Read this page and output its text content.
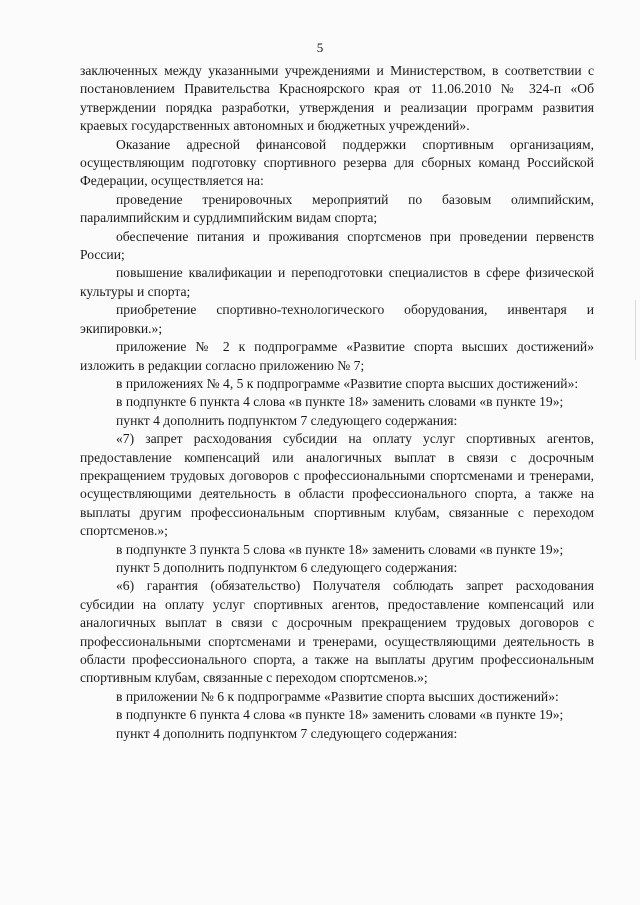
5

заключенных между указанными учреждениями и Министерством, в соответствии с постановлением Правительства Красноярского края от 11.06.2010 № 324-п «Об утверждении порядка разработки, утверждения и реализации программ развития краевых государственных автономных и бюджетных учреждений».

Оказание адресной финансовой поддержки спортивным организациям, осуществляющим подготовку спортивного резерва для сборных команд Российской Федерации, осуществляется на:

проведение тренировочных мероприятий по базовым олимпийским, паралимпийским и сурдлимпийским видам спорта;

обеспечение питания и проживания спортсменов при проведении первенств России;

повышение квалификации и переподготовки специалистов в сфере физической культуры и спорта;

приобретение спортивно-технологического оборудования, инвентаря и экипировки.»;

приложение № 2 к подпрограмме «Развитие спорта высших достижений» изложить в редакции согласно приложению № 7;

в приложениях № 4, 5 к подпрограмме «Развитие спорта высших достижений»:

в подпункте 6 пункта 4 слова «в пункте 18» заменить словами «в пункте 19»;

пункт 4 дополнить подпунктом 7 следующего содержания:

«7) запрет расходования субсидии на оплату услуг спортивных агентов, предоставление компенсаций или аналогичных выплат в связи с досрочным прекращением трудовых договоров с профессиональными спортсменами и тренерами, осуществляющими деятельность в области профессионального спорта, а также на выплаты другим профессиональным спортивным клубам, связанные с переходом спортсменов.»;

в подпункте 3 пункта 5 слова «в пункте 18» заменить словами «в пункте 19»;

пункт 5 дополнить подпунктом 6 следующего содержания:

«6) гарантия (обязательство) Получателя соблюдать запрет расходования субсидии на оплату услуг спортивных агентов, предоставление компенсаций или аналогичных выплат в связи с досрочным прекращением трудовых договоров с профессиональными спортсменами и тренерами, осуществляющими деятельность в области профессионального спорта, а также на выплаты другим профессиональным спортивным клубам, связанные с переходом спортсменов.»;

в приложении № 6 к подпрограмме «Развитие спорта высших достижений»:

в подпункте 6 пункта 4 слова «в пункте 18» заменить словами «в пункте 19»;

пункт 4 дополнить подпунктом 7 следующего содержания:
